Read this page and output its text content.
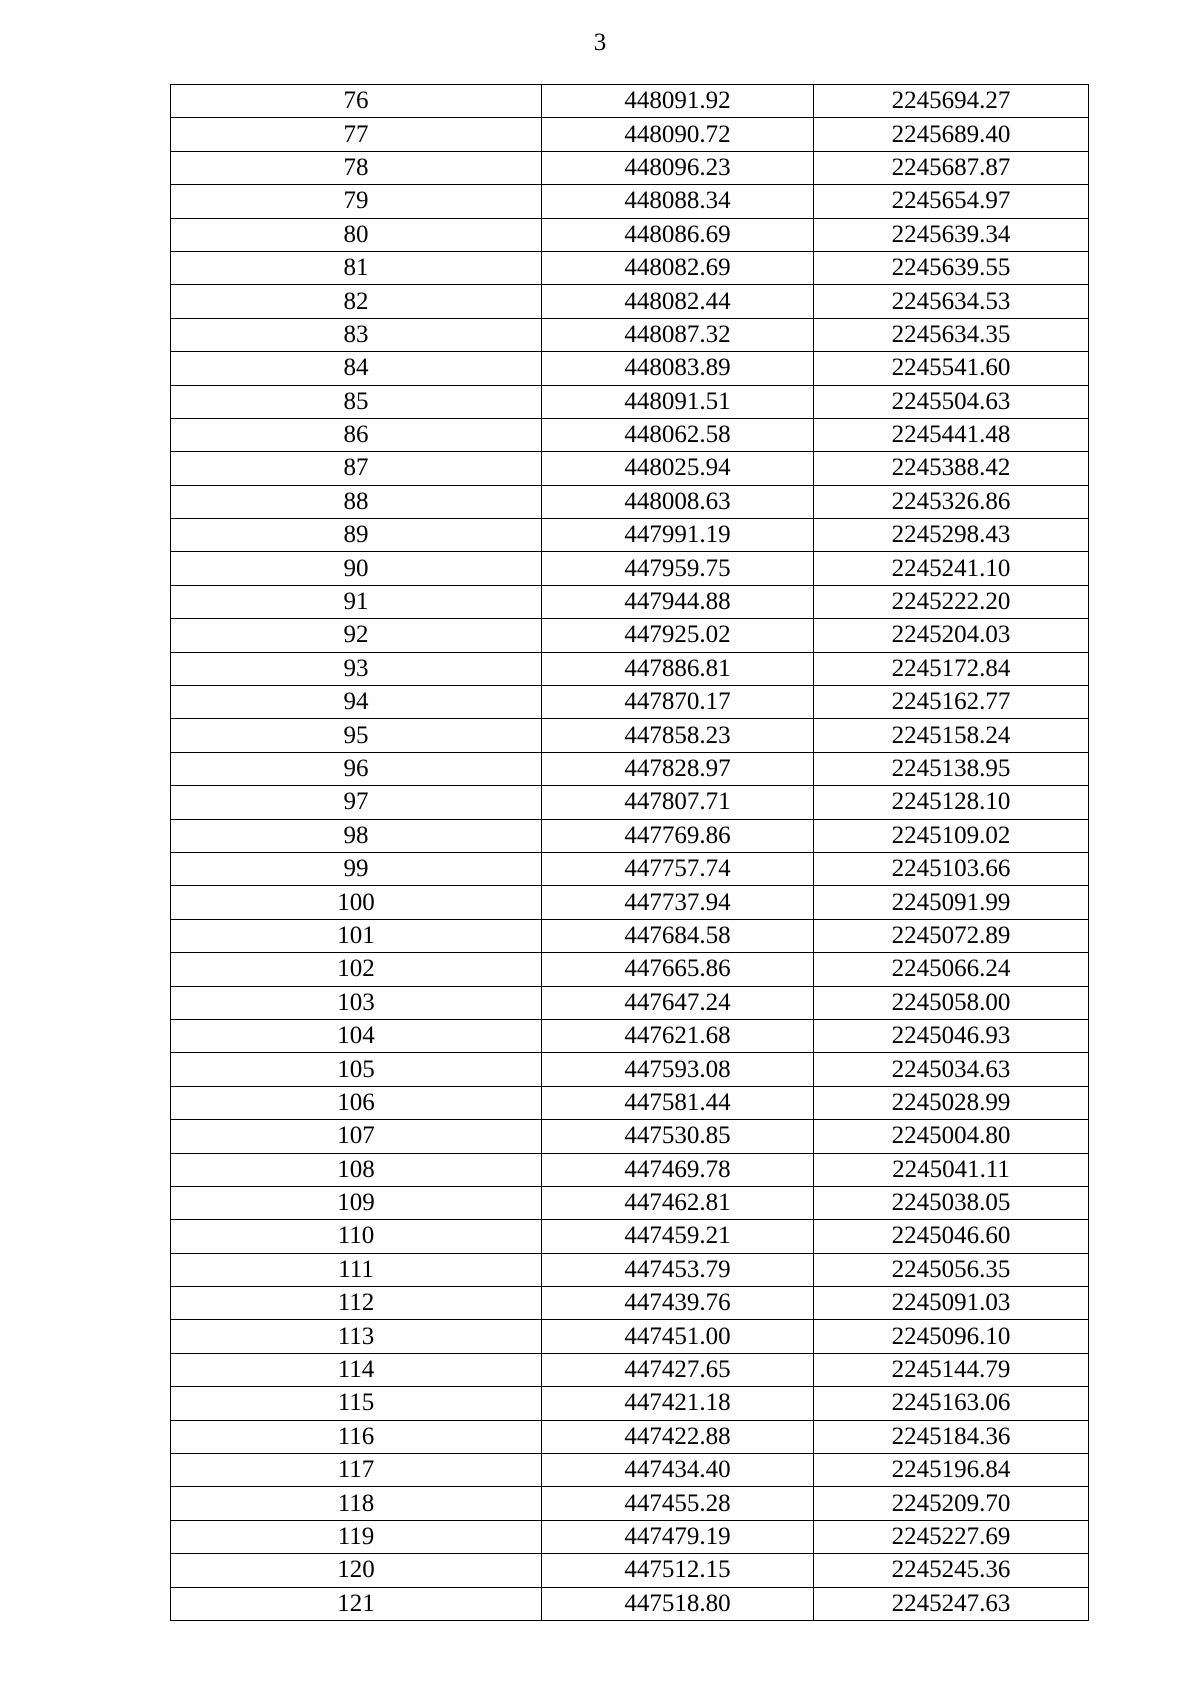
3
76	448091.92	2245694.27
77	448090.72	2245689.40
78	448096.23	2245687.87
79	448088.34	2245654.97
80	448086.69	2245639.34
81	448082.69	2245639.55
82	448082.44	2245634.53
83	448087.32	2245634.35
84	448083.89	2245541.60
85	448091.51	2245504.63
86	448062.58	2245441.48
87	448025.94	2245388.42
88	448008.63	2245326.86
89	447991.19	2245298.43
90	447959.75	2245241.10
91	447944.88	2245222.20
92	447925.02	2245204.03
93	447886.81	2245172.84
94	447870.17	2245162.77
95	447858.23	2245158.24
96	447828.97	2245138.95
97	447807.71	2245128.10
98	447769.86	2245109.02
99	447757.74	2245103.66
100	447737.94	2245091.99
101	447684.58	2245072.89
102	447665.86	2245066.24
103	447647.24	2245058.00
104	447621.68	2245046.93
105	447593.08	2245034.63
106	447581.44	2245028.99
107	447530.85	2245004.80
108	447469.78	2245041.11
109	447462.81	2245038.05
110	447459.21	2245046.60
111	447453.79	2245056.35
112	447439.76	2245091.03
113	447451.00	2245096.10
114	447427.65	2245144.79
115	447421.18	2245163.06
116	447422.88	2245184.36
117	447434.40	2245196.84
118	447455.28	2245209.70
119	447479.19	2245227.69
120	447512.15	2245245.36
121	447518.80	2245247.63
